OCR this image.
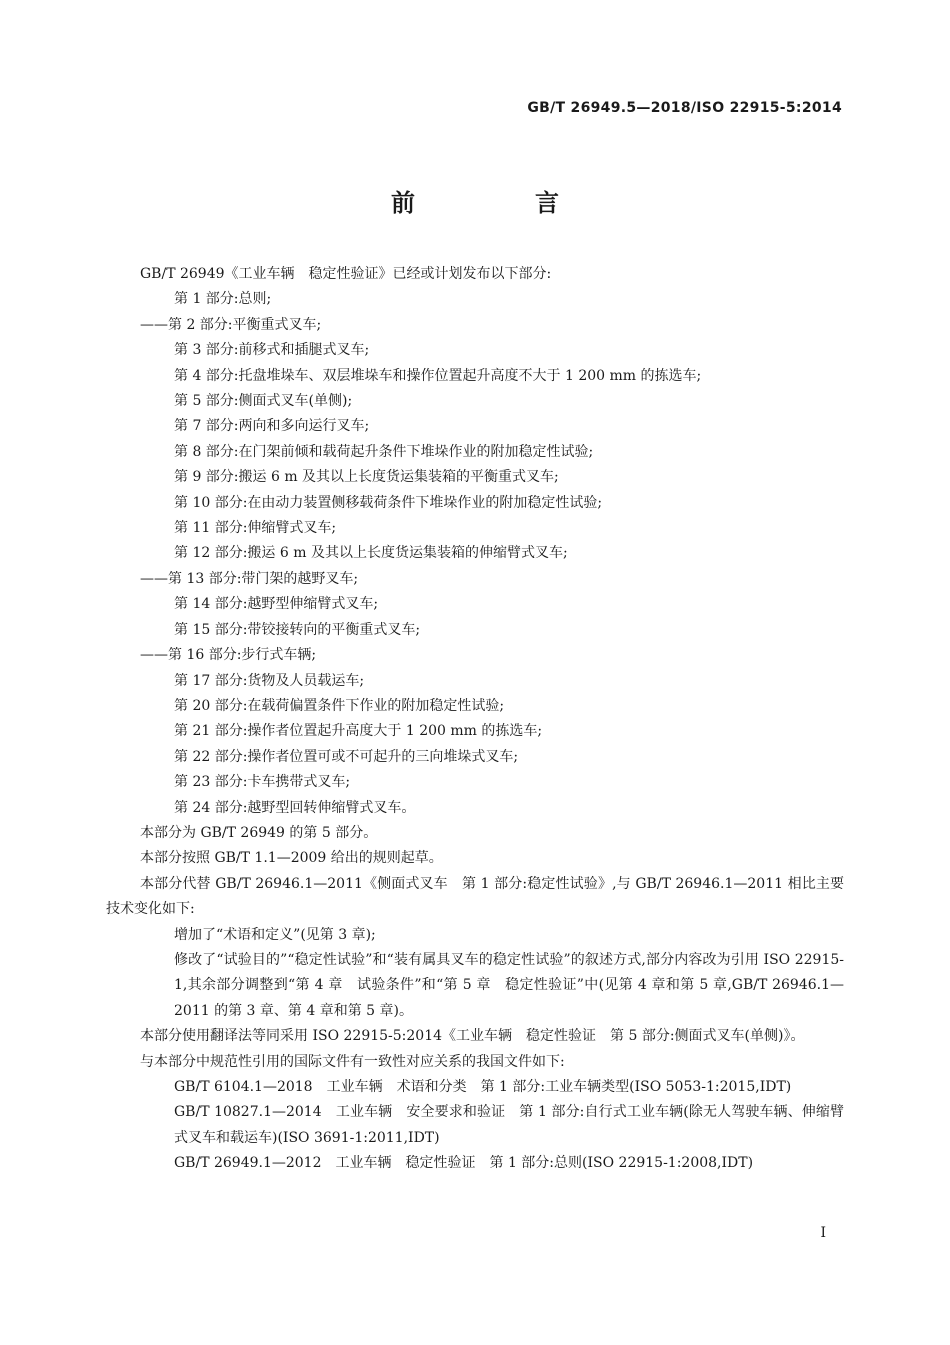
GB/T 26949.5—2018/ISO 22915-5:2014
前　言

GB/T 26949《工业车辆　稳定性验证》已经或计划发布以下部分:

第 1 部分:总则;

——第 2 部分:平衡重式叉车;

第 3 部分:前移式和插腿式叉车;

第 4 部分:托盘堆垛车、双层堆垛车和操作位置起升高度不大于 1 200 mm 的拣选车;

第 5 部分:侧面式叉车(单侧);

第 7 部分:两向和多向运行叉车;

第 8 部分:在门架前倾和载荷起升条件下堆垛作业的附加稳定性试验;

第 9 部分:搬运 6 m 及其以上长度货运集装箱的平衡重式叉车;

第 10 部分:在由动力装置侧移载荷条件下堆垛作业的附加稳定性试验;

第 11 部分:伸缩臂式叉车;

第 12 部分:搬运 6 m 及其以上长度货运集装箱的伸缩臂式叉车;

——第 13 部分:带门架的越野叉车;

第 14 部分:越野型伸缩臂式叉车;

第 15 部分:带铰接转向的平衡重式叉车;

——第 16 部分:步行式车辆;

第 17 部分:货物及人员载运车;

第 20 部分:在载荷偏置条件下作业的附加稳定性试验;

第 21 部分:操作者位置起升高度大于 1 200 mm 的拣选车;

第 22 部分:操作者位置可或不可起升的三向堆垛式叉车;

第 23 部分:卡车携带式叉车;

第 24 部分:越野型回转伸缩臂式叉车。

本部分为 GB/T 26949 的第 5 部分。

本部分按照 GB/T 1.1—2009 给出的规则起草。

本部分代替 GB/T 26946.1—2011《侧面式叉车　第 1 部分:稳定性试验》,与 GB/T 26946.1—2011 相比主要技术变化如下:

增加了“术语和定义”(见第 3 章);

修改了“试验目的”“稳定性试验”和“装有属具叉车的稳定性试验”的叙述方式,部分内容改为引用 ISO 22915-1,其余部分调整到“第 4 章　试验条件”和“第 5 章　稳定性验证”中(见第 4 章和第 5 章,GB/T 26946.1—2011 的第 3 章、第 4 章和第 5 章)。

本部分使用翻译法等同采用 ISO 22915-5:2014《工业车辆　稳定性验证　第 5 部分:侧面式叉车(单侧)》。

与本部分中规范性引用的国际文件有一致性对应关系的我国文件如下:

GB/T 6104.1—2018　工业车辆　术语和分类　第 1 部分:工业车辆类型(ISO 5053-1:2015,IDT)

GB/T 10827.1—2014　工业车辆　安全要求和验证　第 1 部分:自行式工业车辆(除无人驾驶车辆、伸缩臂式叉车和载运车)(ISO 3691-1:2011,IDT)

GB/T 26949.1—2012　工业车辆　稳定性验证　第 1 部分:总则(ISO 22915-1:2008,IDT)

I
